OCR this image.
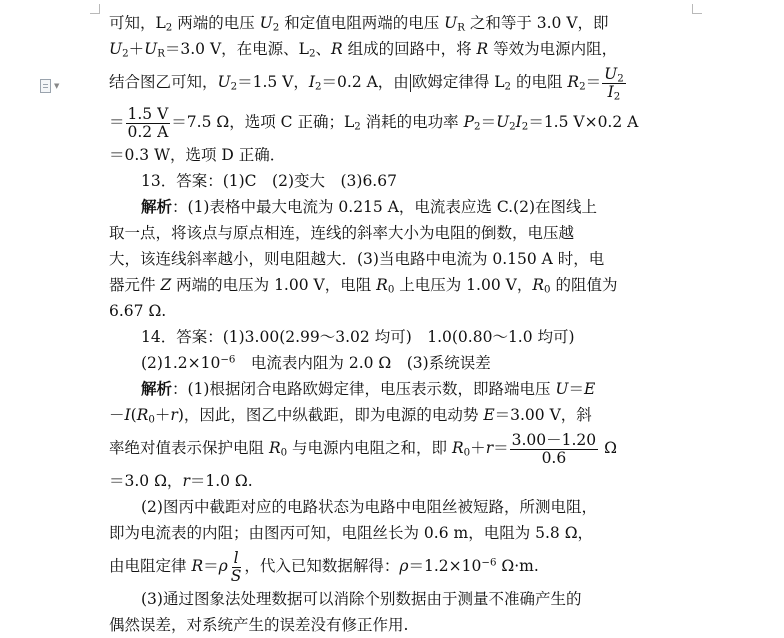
▼
可知，$L_2$ 两端的电压 $U_2$ 和定值电阻两端的电压 $U_R$ 之和等于 3.0 V，即
$U_2+U_R=3.0$ V，在电源、$L_2$、R 组成的回路中，将 R 等效为电源内阻，
结合图乙可知，$U_2=1.5$ V，$I_2=0.2$ A，由 欧姆定律得 $L_2$ 的电阻 $R_2= \frac{U_2}{I_2}$
＝ $\frac{1.5 V}{0.2 A} =7.5$ Ω，选项 C 正确；$L_2$ 消耗的电功率 $P_2=U_2I_2=1.5$ V×0.2 A
＝0.3 W，选项 D 正确．
13．答案：(1)C　(2)变大　(3)6.67
解析：(1)表格中最大电流为 0.215 A，电流表应选 C.(2)在图线上
取一点，将该点与原点相连，连线的斜率大小为电阻的倒数，电压越
大，该连线斜率越小，则电阻越大．(3)当电路中电流为 0.150 A 时，电
器元件 Z 两端的电压为 1.00 V，电阻 $R_0$ 上电压为 1.00 V，$R_0$ 的阻值为
6.67 Ω.
14．答案：(1)3.00(2.99～3.02 均可)　1.0(0.80～1.0 均可)
$(2)1.2\times 10^{-6}$　电流表内阻为 2.0 Ω　(3)系统误差
解析：(1)根据闭合电路欧姆定律，电压表示数，即路端电压 U＝E
$-I(R_0+r)$，因此，图乙中纵截距，即为电源的电动势 E＝3.00 V，斜
率绝对值表示保护电阻 $R_0$ 与电源内电阻之和，即 $R_0+r= \frac{3.00-1.20}{0.6}$ Ω
＝3.0 Ω，r＝1.0 Ω.
(2)图丙中截距对应的电路状态为电路中电阻丝被短路，所测电阻，
即为电流表的内阻；由图丙可知，电阻丝长为 0.6 m，电阻为 5.8 Ω，
由电阻定律 $R=\rho \frac{l}{S}$ ，代入已知数据解得：$\rho=1.2\times 10^{-6}$ Ω·m.
(3)通过图象法处理数据可以消除个别数据由于测量不准确产生的
偶然误差，对系统产生的误差没有修正作用.
